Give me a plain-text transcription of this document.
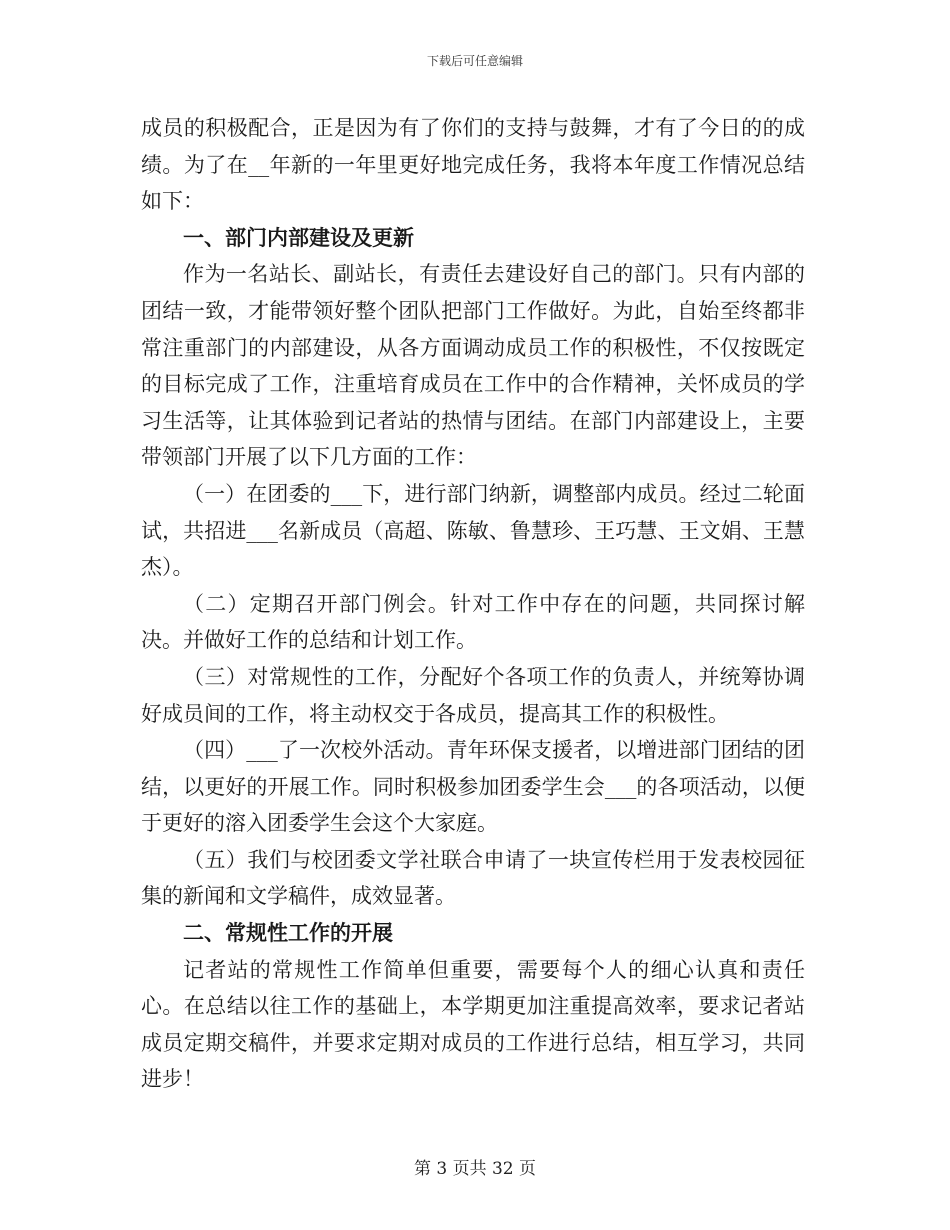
下载后可任意编辑

成员的积极配合，正是因为有了你们的支持与鼓舞，才有了今日的的成绩。为了在__年新的一年里更好地完成任务，我将本年度工作情况总结如下：

一、部门内部建设及更新

作为一名站长、副站长，有责任去建设好自己的部门。只有内部的团结一致，才能带领好整个团队把部门工作做好。为此，自始至终都非常注重部门的内部建设，从各方面调动成员工作的积极性，不仅按既定的目标完成了工作，注重培育成员在工作中的合作精神，关怀成员的学习生活等，让其体验到记者站的热情与团结。在部门内部建设上，主要带领部门开展了以下几方面的工作：

（一）在团委的___下，进行部门纳新，调整部内成员。经过二轮面试，共招进___名新成员（高超、陈敏、鲁慧珍、王巧慧、王文娟、王慧杰）。

（二）定期召开部门例会。针对工作中存在的问题，共同探讨解决。并做好工作的总结和计划工作。

（三）对常规性的工作，分配好个各项工作的负责人，并统筹协调好成员间的工作，将主动权交于各成员，提高其工作的积极性。

（四）___了一次校外活动。青年环保支援者，以增进部门团结的团结，以更好的开展工作。同时积极参加团委学生会___的各项活动，以便于更好的溶入团委学生会这个大家庭。

（五）我们与校团委文学社联合申请了一块宣传栏用于发表校园征集的新闻和文学稿件，成效显著。

二、常规性工作的开展

记者站的常规性工作简单但重要，需要每个人的细心认真和责任心。在总结以往工作的基础上，本学期更加注重提高效率，要求记者站成员定期交稿件，并要求定期对成员的工作进行总结，相互学习，共同进步！

第 3 页共 32 页
